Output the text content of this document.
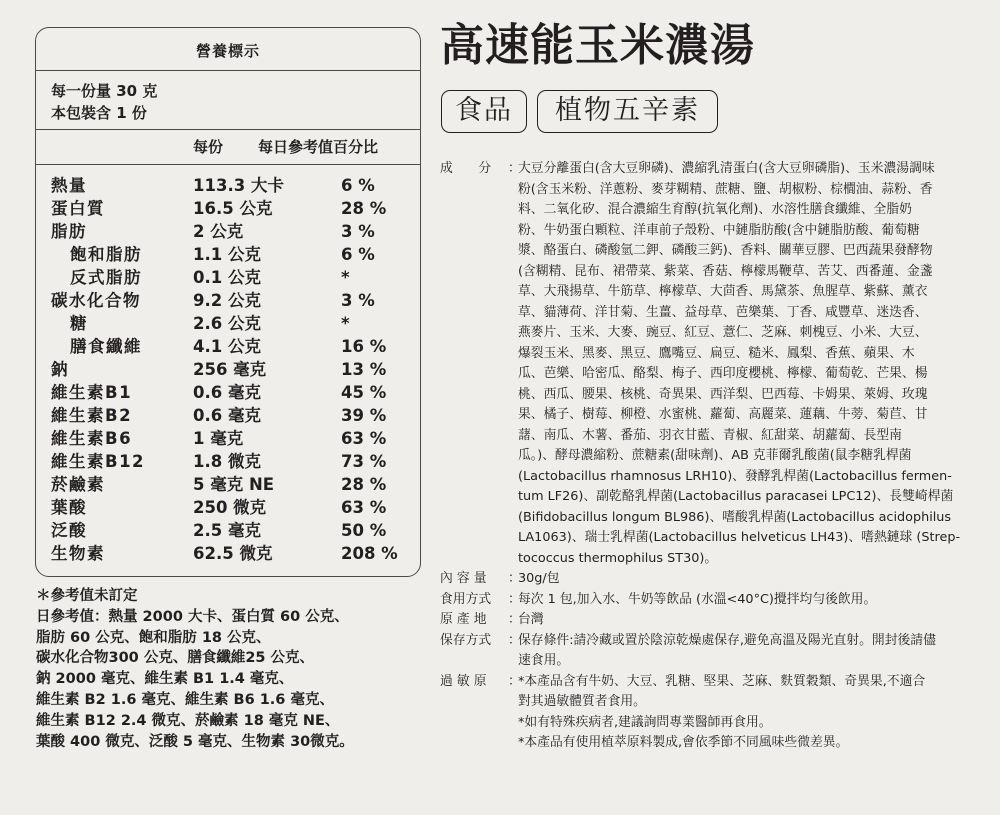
營養標示
每一份量 30 克
本包裝含 1 份
每份 每日參考值百分比
熱量	113.3 大卡	6 %
蛋白質	16.5 公克	28 %
脂肪	2 公克	3 %
飽和脂肪	1.1 公克	6 %
反式脂肪	0.1 公克	*
碳水化合物	9.2 公克	3 %
糖	2.6 公克	*
膳食纖維	4.1 公克	16 %
鈉	256 毫克	13 %
維生素B1	0.6 毫克	45 %
維生素B2	0.6 毫克	39 %
維生素B6	1 毫克	63 %
維生素B12	1.8 微克	73 %
菸鹼素	5 毫克 NE	28 %
葉酸	250 微克	63 %
泛酸	2.5 毫克	50 %
生物素	62.5 微克	208 %
＊參考值未訂定
日參考值：熱量 2000 大卡、蛋白質 60 公克、
脂肪 60 公克、飽和脂肪 18 公克、
碳水化合物300 公克、膳食纖維25 公克、
鈉 2000 毫克、維生素 B1 1.4 毫克、
維生素 B2 1.6 毫克、維生素 B6 1.6 毫克、
維生素 B12 2.4 微克、菸鹼素 18 毫克 NE、
葉酸 400 微克、泛酸 5 毫克、生物素 30微克。
高速能玉米濃湯
食品	植物五辛素
成　　分	：
大豆分離蛋白(含大豆卵磷)、濃縮乳清蛋白(含大豆卵磷脂)、玉米濃湯調味
粉(含玉米粉、洋蔥粉、麥芽糊精、蔗糖、鹽、胡椒粉、棕櫚油、蒜粉、香
料、二氧化矽、混合濃縮生育醇(抗氧化劑)、水溶性膳食纖維、全脂奶
粉、牛奶蛋白顆粒、洋車前子殼粉、中鏈脂肪酸(含中鏈脂肪酸、葡萄糖
漿、酪蛋白、磷酸氫二鉀、磷酸三鈣)、香料、關華豆膠、巴西蔬果發酵物
(含糊精、昆布、裙帶菜、紫菜、香菇、檸檬馬鞭草、苦艾、西番蓮、金盞
草、大飛揚草、牛筋草、檸檬草、大茴香、馬黛茶、魚腥草、紫蘇、薰衣
草、貓薄荷、洋甘菊、生薑、益母草、芭樂葉、丁香、咸豐草、迷迭香、
燕麥片、玉米、大麥、豌豆、紅豆、薏仁、芝麻、刺槐豆、小米、大豆、
爆裂玉米、黑麥、黑豆、鷹嘴豆、扁豆、糙米、鳳梨、香蕉、蘋果、木
瓜、芭樂、哈密瓜、酪梨、梅子、西印度櫻桃、檸檬、葡萄乾、芒果、楊
桃、西瓜、腰果、核桃、奇異果、西洋梨、巴西莓、卡姆果、萊姆、玫瑰
果、橘子、樹莓、柳橙、水蜜桃、蘿蔔、高麗菜、蓮藕、牛蒡、菊苣、甘
藷、南瓜、木薯、番茄、羽衣甘藍、青椒、紅甜菜、胡蘿蔔、長型南
瓜。)、酵母濃縮粉、蔗糖素(甜味劑)、AB 克菲爾乳酸菌(鼠李糖乳桿菌
(Lactobacillus rhamnosus LRH10)、發酵乳桿菌(Lactobacillus fermen-
tum LF26)、副乾酪乳桿菌(Lactobacillus paracasei LPC12)、長雙崎桿菌
(Bifidobacillus longum BL986)、嗜酸乳桿菌(Lactobacillus acidophilus
LA1063)、瑞士乳桿菌(Lactobacillus helveticus LH43)、嗜熱鏈球 (Strep-
tococcus thermophilus ST30)。
內 容 量	：
30g/包
食用方式	：
每次 1 包,加入水、牛奶等飲品 (水溫<40°C)攪拌均勻後飲用。
原 產 地	：
台灣
保存方式	：
保存條件:請冷藏或置於陰涼乾燥處保存,避免高溫及陽光直射。開封後請儘
速食用。
過 敏 原	：
*本產品含有牛奶、大豆、乳糖、堅果、芝麻、麩質穀類、奇異果,不適合
對其過敏體質者食用。
*如有特殊疾病者,建議詢問專業醫師再食用。
*本產品有使用植萃原料製成,會依季節不同風味些微差異。
